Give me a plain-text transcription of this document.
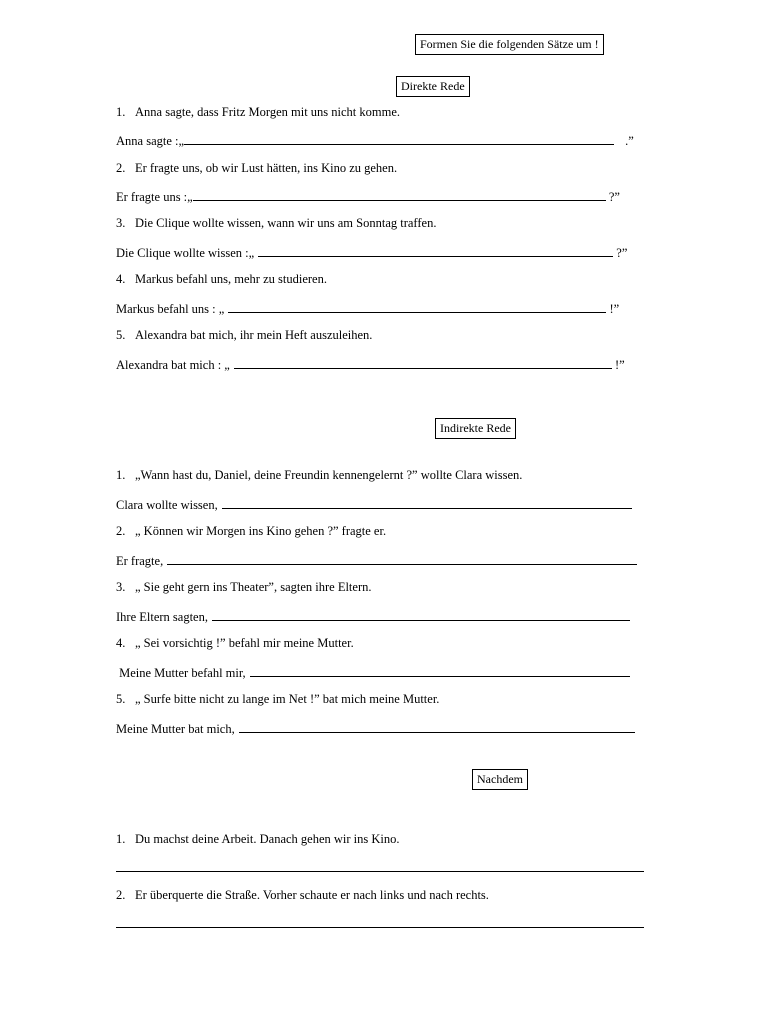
Formen Sie die folgenden Sätze um !
Direkte Rede
1. Anna sagte, dass Fritz Morgen mit uns nicht komme.
Anna sagte :„	.”
2. Er fragte uns, ob wir Lust hätten, ins Kino zu gehen.
Er fragte uns :„	?”
3. Die Clique wollte wissen, wann wir uns am Sonntag traffen.
Die Clique wollte wissen :„	?”
4. Markus befahl uns, mehr zu studieren.
Markus befahl uns : „	!”
5. Alexandra bat mich, ihr mein Heft auszuleihen.
Alexandra bat mich : „	!”
Indirekte Rede
1. „Wann hast du, Daniel, deine Freundin kennengelernt ?” wollte Clara wissen.
Clara wollte wissen,
2. „ Können wir Morgen ins Kino gehen ?” fragte er.
Er fragte,
3. „ Sie geht gern ins Theater”, sagten ihre Eltern.
Ihre Eltern sagten,
4. „ Sei vorsichtig !” befahl mir meine Mutter.
Meine Mutter befahl mir,
5. „ Surfe bitte nicht zu lange im Net !” bat mich meine Mutter.
Meine Mutter bat mich,
Nachdem
1. Du machst deine Arbeit. Danach gehen wir ins Kino.
2. Er überquerte die Straße. Vorher schaute er nach links und nach rechts.
